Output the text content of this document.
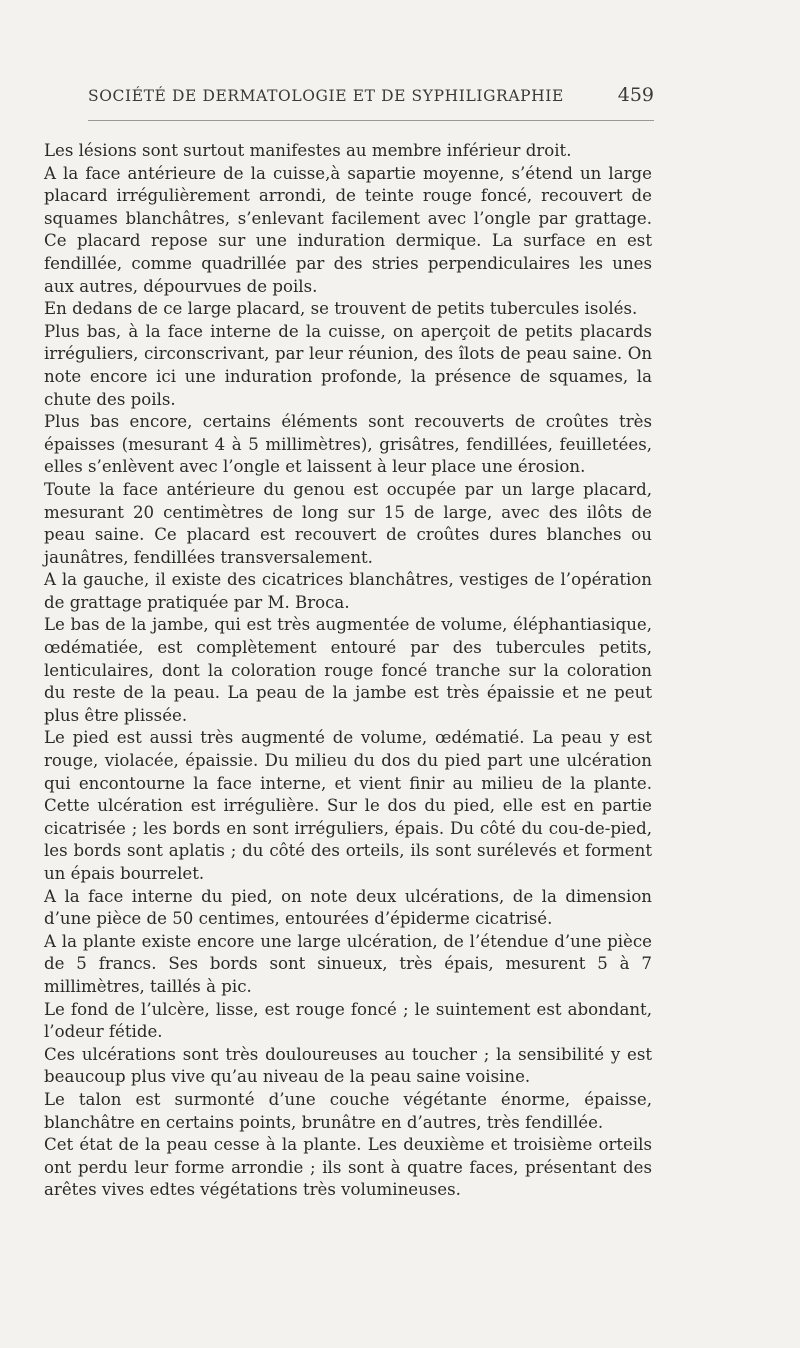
SOCIÉTÉ DE DERMATOLOGIE ET DE SYPHILIGRAPHIE	459

Les lésions sont surtout manifestes au membre inférieur droit.

A la face antérieure de la cuisse,à sapartie moyenne, s’étend un large placard irrégulièrement arrondi, de teinte rouge foncé, recouvert de squames blanchâtres, s’enlevant facilement avec l’ongle par grattage. Ce placard repose sur une induration dermique. La surface en est fendillée, comme quadrillée par des stries perpendiculaires les unes aux autres, dépourvues de poils.

En dedans de ce large placard, se trouvent de petits tubercules isolés.

Plus bas, à la face interne de la cuisse, on aperçoit de petits placards irréguliers, circonscrivant, par leur réunion, des îlots de peau saine. On note encore ici une induration profonde, la présence de squames, la chute des poils.

Plus bas encore, certains éléments sont recouverts de croûtes très épaisses (mesurant 4 à 5 millimètres), grisâtres, fendillées, feuilletées, elles s’enlèvent avec l’ongle et laissent à leur place une érosion.

Toute la face antérieure du genou est occupée par un large placard, mesurant 20 centimètres de long sur 15 de large, avec des ilôts de peau saine. Ce placard est recouvert de croûtes dures blanches ou jaunâtres, fendillées transversalement.

A la gauche, il existe des cicatrices blanchâtres, vestiges de l’opération de grattage pratiquée par M. Broca.

Le bas de la jambe, qui est très augmentée de volume, éléphantiasique, œdématiée, est complètement entouré par des tubercules petits, lenticulaires, dont la coloration rouge foncé tranche sur la coloration du reste de la peau. La peau de la jambe est très épaissie et ne peut plus être plissée.

Le pied est aussi très augmenté de volume, œdématié. La peau y est rouge, violacée, épaissie. Du milieu du dos du pied part une ulcération qui encontourne la face interne, et vient finir au milieu de la plante. Cette ulcération est irrégulière. Sur le dos du pied, elle est en partie cicatrisée ; les bords en sont irréguliers, épais. Du côté du cou-de-pied, les bords sont aplatis ; du côté des orteils, ils sont surélevés et forment un épais bourrelet.

A la face interne du pied, on note deux ulcérations, de la dimension d’une pièce de 50 centimes, entourées d’épiderme cicatrisé.

A la plante existe encore une large ulcération, de l’étendue d’une pièce de 5 francs. Ses bords sont sinueux, très épais, mesurent 5 à 7 millimètres, taillés à pic.

Le fond de l’ulcère, lisse, est rouge foncé ; le suintement est abondant, l’odeur fétide.

Ces ulcérations sont très douloureuses au toucher ; la sensibilité y est beaucoup plus vive qu’au niveau de la peau saine voisine.

Le talon est surmonté d’une couche végétante énorme, épaisse, blanchâtre en certains points, brunâtre en d’autres, très fendillée.

Cet état de la peau cesse à la plante. Les deuxième et troisième orteils ont perdu leur forme arrondie ; ils sont à quatre faces, présentant des arêtes vives edtes végétations très volumineuses.
